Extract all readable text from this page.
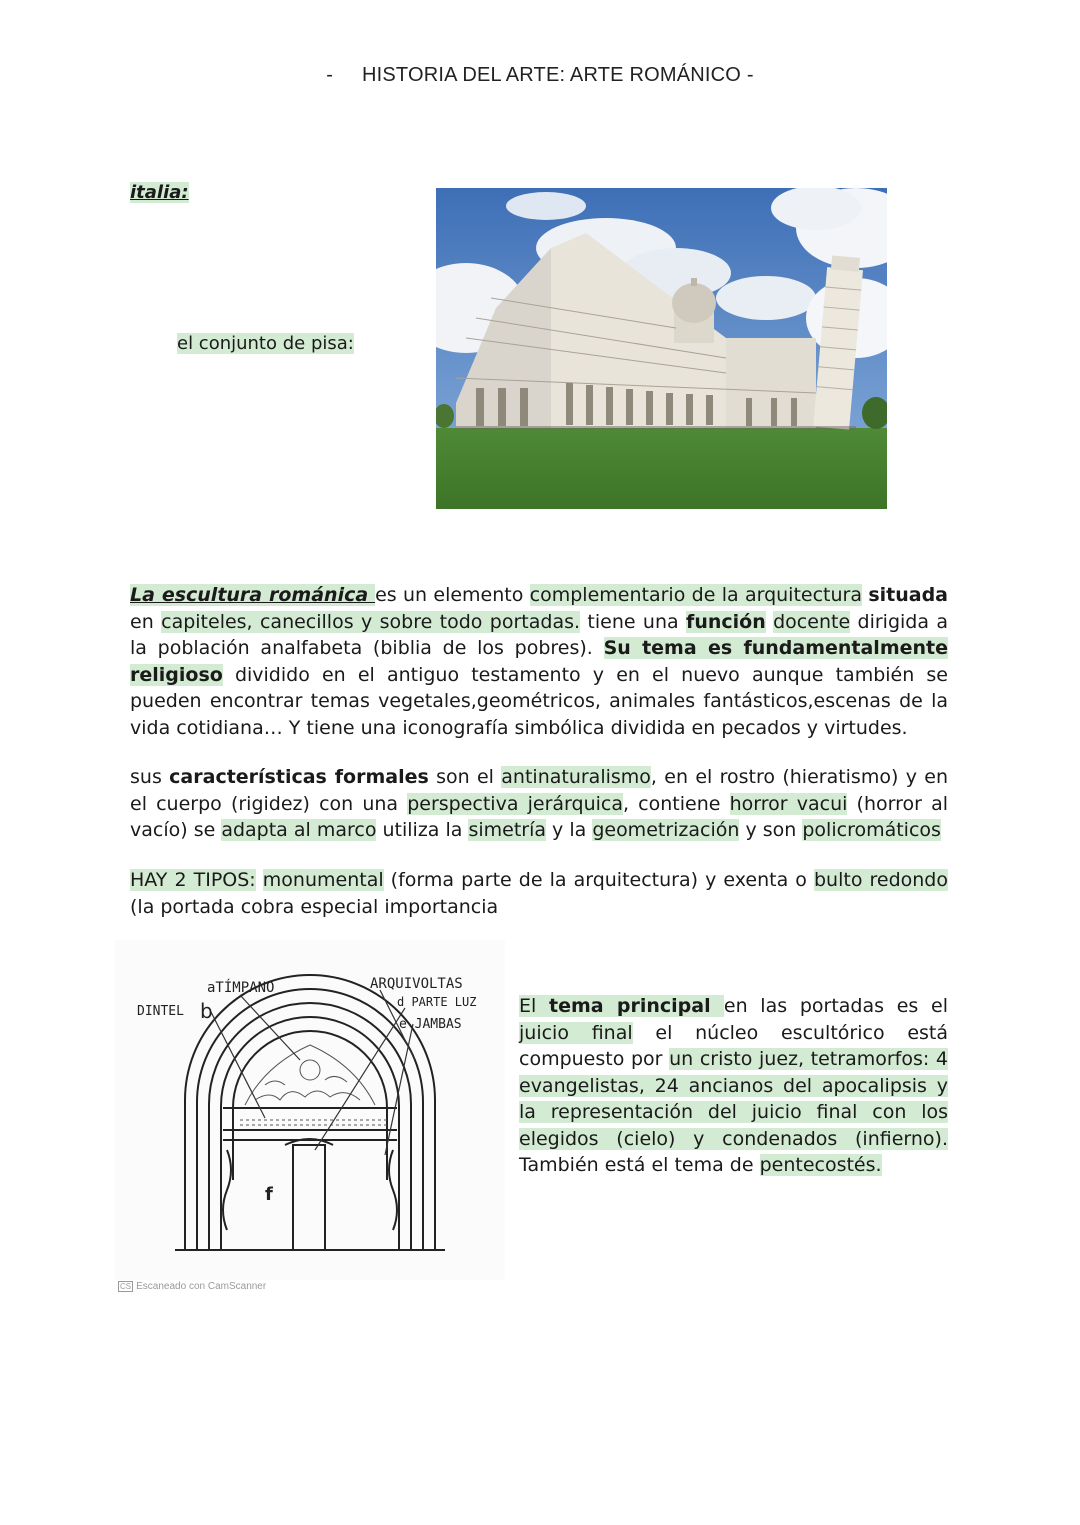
- HISTORIA DEL ARTE: ARTE ROMÁNICO -
italia:
el conjunto de pisa:
La escultura románica es un elemento complementario de la arquitectura situada en capiteles, canecillos y sobre todo portadas. tiene una función docente dirigida a la población analfabeta (biblia de los pobres). Su tema es fundamentalmente religioso dividido en el antiguo testamento y en el nuevo aunque también se pueden encontrar temas vegetales,geométricos, animales fantásticos,escenas de la vida cotidiana… Y tiene una iconografía simbólica dividida en pecados y virtudes.
sus características formales son el antinaturalismo, en el rostro (hieratismo) y en el cuerpo (rigidez) con una perspectiva jerárquica, contiene horror vacui (horror al vacío) se adapta al marco utiliza la simetría y la geometrización y son policromáticos
HAY 2 TIPOS: monumental (forma parte de la arquitectura) y exenta o bulto redondo (la portada cobra especial importancia
DINTEL b
aTÍMPANO	ARQUIVOLTAS
d PARTE LUZ
e JAMBAS
f
CS Escaneado con CamScanner
El tema principal en las portadas es el juicio final el núcleo escultórico está compuesto por un cristo juez, tetramorfos: 4 evangelistas, 24 ancianos del apocalipsis y la representación del juicio final con los elegidos (cielo) y condenados (infierno). También está el tema de pentecostés.
